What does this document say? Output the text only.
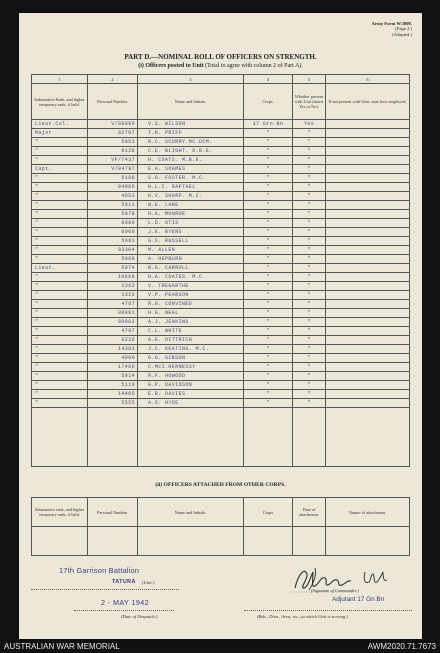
Army Form W.3008.
(Page 2.)
(Adapted.)
PART D.—NOMINAL ROLL OF OFFICERS ON STRENGTH.
(i) Officers posted to Unit (Total to agree with column 2 of Part A).
1	2	3	4	5	6
Substantive Rank, and higher temporary rank, if held.	Personal Number.	Name and Initials.	Corps.	Whether present with Unit (insert Yes or No).	If not present with Unit, state how employed.
Lieut.Col.	V/80069	V.S. WILSON	17 Grn Bn	Yes	
Major	82797	T.R. PRIFF	"	"	
"	5053	R.C. SCURRY.MC.DCM.	"	"	
"	9128	C.E. BLIGHT. O.B.E.	"	"	
"	VP/7437	H. COATS. M.B.E.	"	"	
Capt.	V/84797	E.A. SOAMES	"	"	
"	5188	S.G. FOSTER. M.C.	"	"	
"	84985	H.L.C. RAFTAEL	"	"	
"	4653	H.V. SHARP. M.C.	"	"	
"	5011	W.E. LANE	"	"	
"	5978	H.A. MONROE	"	"	
"	8089	L.D. OTIS	"	"	
"	6000	J.E. BYERS	"	"	
"	5963	G.S. RUSSELL	"	"	
"	83304	M. ALLEN	"	"	
"	5008	A. HEPBURN	"	"	
Lieut.	5074	R.G. CARROLL	"	"	
"	10668	H.A. COATES. M.C.	"	"	
"	1362	V. TREGARTHE	"	"	
"	1323	V.P. PEARSON	"	"	
"	4767	R.G. CONVINED	"	"	
"	80091	H.G. NEAL	"	"	
"	80982	A.J. JENKINS	"	"	
"	4797	C.L. WHITE	"	"	
"	6226	A.E. DITTRICH	"	"	
"	14383	J.C. KEATING. M.C.	"	"	
"	4909	G.G. GIBSON	"	"	
"	17480	C.McI.HENNESSY	"	"	
"	5914	R.F. HOWOOD	"	"	
"	5119	G.P. DAVIDSON	"	"	
"	14495	E.R. DAVIES	"	"	
"	5555	A.S. HYDE	"	"	

(ii) OFFICERS ATTACHED FROM OTHER CORPS.
Substantive rank, and higher temporary rank, if held.	Personal Number.	Name and Initials.	Corps	Date of attachment.	Nature of attachment.

17th Garrison Battalion
TATURA (Unit.)
2 - MAY 1942
(Date of Despatch.)
(Signature of Commander.)
Adjutant 17 Gn Bn
(Bde., Divn., Area, etc., to which Unit is serving.)
AUSTRALIAN WAR MEMORIAL	AWM2020.71.7673
